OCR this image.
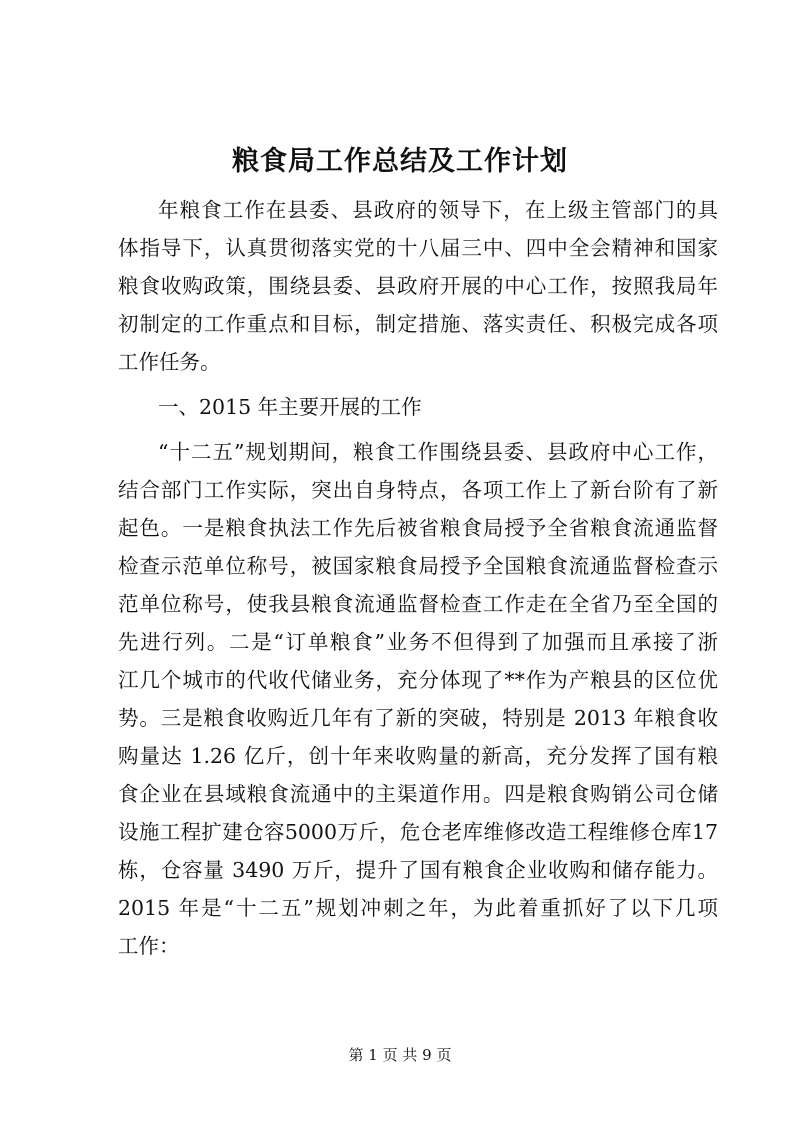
粮食局工作总结及工作计划

年粮食工作在县委、县政府的领导下，在上级主管部门的具

体指导下，认真贯彻落实党的十八届三中、四中全会精神和国家

粮食收购政策，围绕县委、县政府开展的中心工作，按照我局年

初制定的工作重点和目标，制定措施、落实责任、积极完成各项

工作任务。

一、2015 年主要开展的工作

“十二五”规划期间，粮食工作围绕县委、县政府中心工作，

结合部门工作实际，突出自身特点，各项工作上了新台阶有了新

起色。一是粮食执法工作先后被省粮食局授予全省粮食流通监督

检查示范单位称号，被国家粮食局授予全国粮食流通监督检查示

范单位称号，使我县粮食流通监督检查工作走在全省乃至全国的

先进行列。二是“订单粮食”业务不但得到了加强而且承接了浙

江几个城市的代收代储业务，充分体现了**作为产粮县的区位优

势。三是粮食收购近几年有了新的突破，特别是 2013 年粮食收

购量达 1.26 亿斤，创十年来收购量的新高，充分发挥了国有粮

食企业在县域粮食流通中的主渠道作用。四是粮食购销公司仓储

设施工程扩建仓容5000万斤，危仓老库维修改造工程维修仓库17

栋，仓容量 3490 万斤，提升了国有粮食企业收购和储存能力。

2015 年是“十二五”规划冲刺之年，为此着重抓好了以下几项

工作：

第 1 页 共 9 页
